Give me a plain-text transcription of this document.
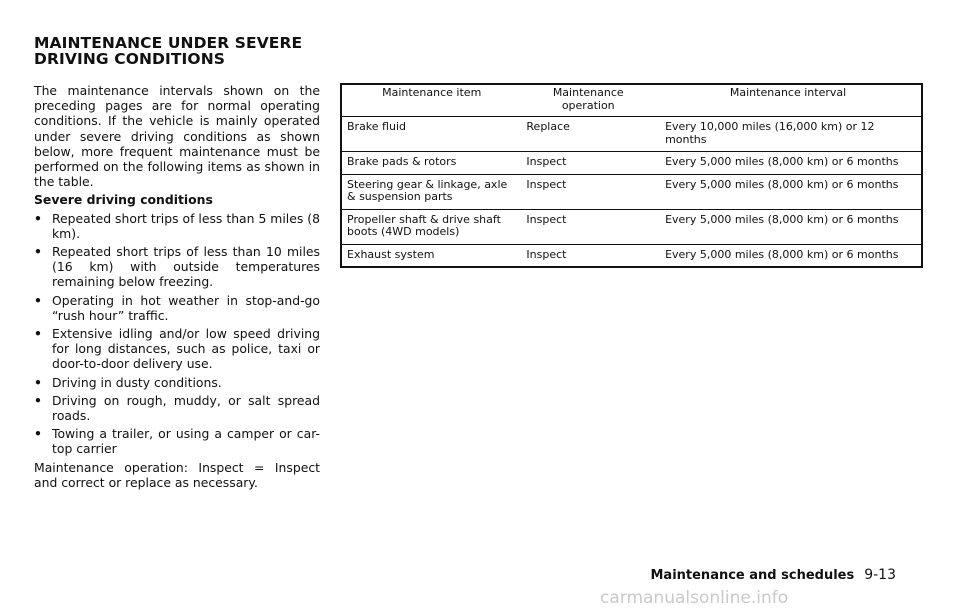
MAINTENANCE UNDER SEVERE
DRIVING CONDITIONS

The maintenance intervals shown on the preceding pages are for normal operating conditions. If the vehicle is mainly operated under severe driving conditions as shown below, more frequent maintenance must be performed on the following items as shown in the table.

Severe driving conditions

• Repeated short trips of less than 5 miles (8 km).
• Repeated short trips of less than 10 miles (16 km) with outside temperatures remaining below freezing.
• Operating in hot weather in stop-and-go “rush hour” traffic.
• Extensive idling and/or low speed driving for long distances, such as police, taxi or door-to-door delivery use.
• Driving in dusty conditions.
• Driving on rough, muddy, or salt spread roads.
• Towing a trailer, or using a camper or car-top carrier

Maintenance operation: Inspect = Inspect and correct or replace as necessary.

Maintenance item	Maintenance operation	Maintenance interval
Brake fluid	Replace	Every 10,000 miles (16,000 km) or 12 months
Brake pads & rotors	Inspect	Every 5,000 miles (8,000 km) or 6 months
Steering gear & linkage, axle & suspension parts	Inspect	Every 5,000 miles (8,000 km) or 6 months
Propeller shaft & drive shaft boots (4WD models)	Inspect	Every 5,000 miles (8,000 km) or 6 months
Exhaust system	Inspect	Every 5,000 miles (8,000 km) or 6 months
Maintenance and schedules 9-13
carmanualsonline.info
